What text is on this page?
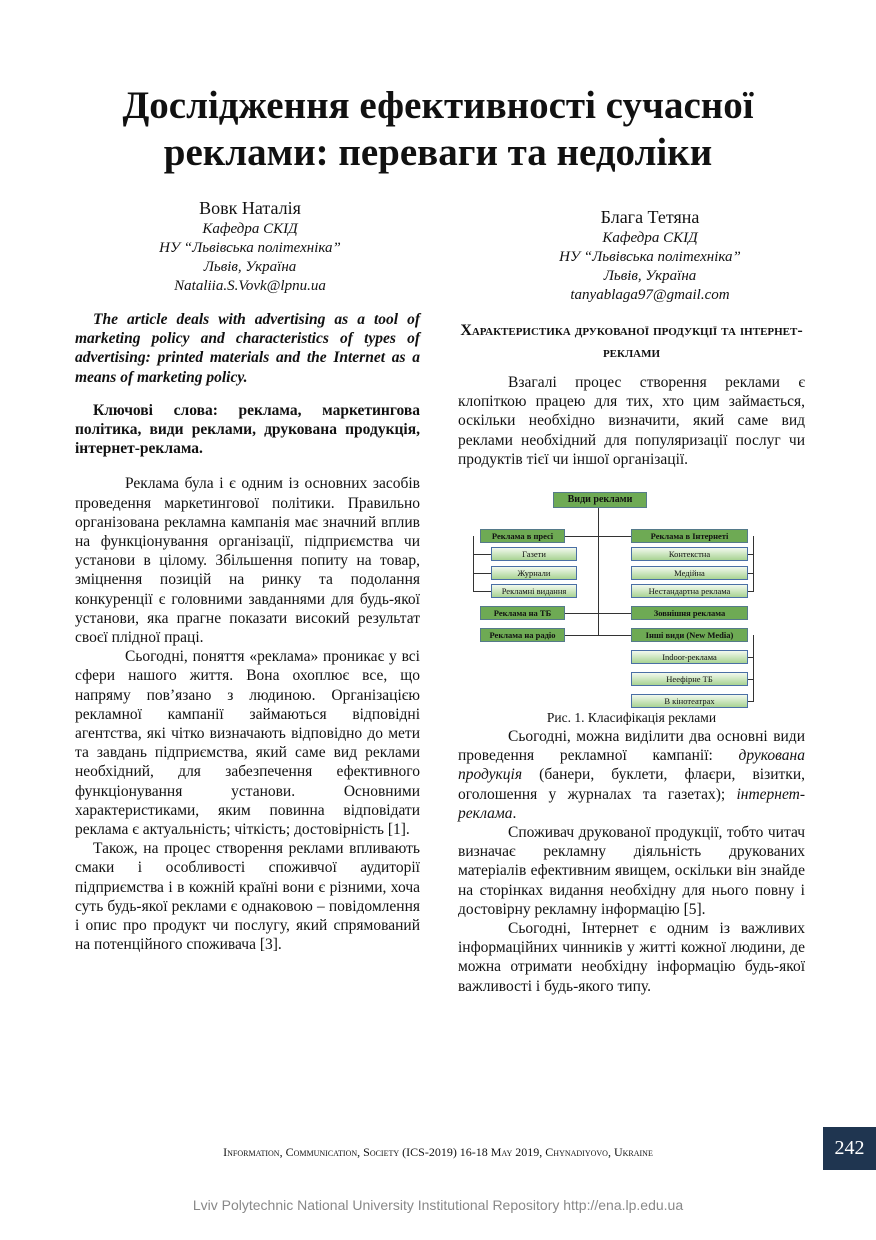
Дослідження ефективності сучасної реклами: переваги та недоліки
Вовк Наталія
Кафедра СКІД
НУ “Львівська політехніка”
Львів, Україна
Nataliia.S.Vovk@lpnu.ua
Блага Тетяна
Кафедра СКІД
НУ “Львівська політехніка”
Львів, Україна
tanyablaga97@gmail.com

The article deals with advertising as a tool of marketing policy and characteristics of types of advertising: printed materials and the Internet as a means of marketing policy.

Ключові слова: реклама, маркетингова політика, види реклами, друкована продукція, інтернет-реклама.

Реклама була і є одним із основних засобів проведення маркетингової політики. Правильно організована рекламна кампанія має значний вплив на функціонування організації, підприємства чи установи в цілому. Збільшення попиту на товар, зміцнення позицій на ринку та подолання конкуренції є головними завданнями для будь-якої установи, яка прагне показати високий результат своєї плідної праці.

Сьогодні, поняття «реклама» проникає у всі сфери нашого життя. Вона охоплює все, що напряму пов’язано з людиною. Організацією рекламної кампанії займаються відповідні агентства, які чітко визначають відповідно до мети та завдань підприємства, який саме вид реклами необхідний, для забезпечення ефективного функціонування установи. Основними характеристиками, яким повинна відповідати реклама є актуальність; чіткість; достовірність [1].

Також, на процес створення реклами впливають смаки і особливості споживчої аудиторії підприємства і в кожній країні вони є різними, хоча суть будь-якої реклами є однаковою – повідомлення і опис про продукт чи послугу, який спрямований на потенційного споживача [3].

Характеристика друкованої продукції та інтернет-реклами

Взагалі процес створення реклами є клопіткою працею для тих, хто цим займається, оскільки необхідно визначити, який саме вид реклами необхідний для популяризації послуг чи продуктів тієї чи іншої організації.

Види реклами
Реклама в пресі
Газети
Журнали
Рекламні видання
Реклама на ТБ
Реклама на радіо
Реклама в Інтернеті
Контекстна
Медійна
Нестандартна реклама
Зовнішня реклама
Інші види (New Media)
Indoor-реклама
Неефірне ТБ
В кінотеатрах
Рис. 1. Класифікація реклами

Сьогодні, можна виділити два основні види проведення рекламної кампанії: друкована продукція (банери, буклети, флаєри, візитки, оголошення у журналах та газетах); інтернет-реклама.

Споживач друкованої продукції, тобто читач визначає рекламну діяльність друкованих матеріалів ефективним явищем, оскільки він знайде на сторінках видання необхідну для нього повну і достовірну рекламну інформацію [5].

Сьогодні, Інтернет є одним із важливих інформаційних чинників у житті кожної людини, де можна отримати необхідну інформацію будь-якої важливості і будь-якого типу.

Information, Communication, Society (ICS-2019) 16-18 May 2019, Chynadiyovo, Ukraine	242
Lviv Polytechnic National University Institutional Repository http://ena.lp.edu.ua
